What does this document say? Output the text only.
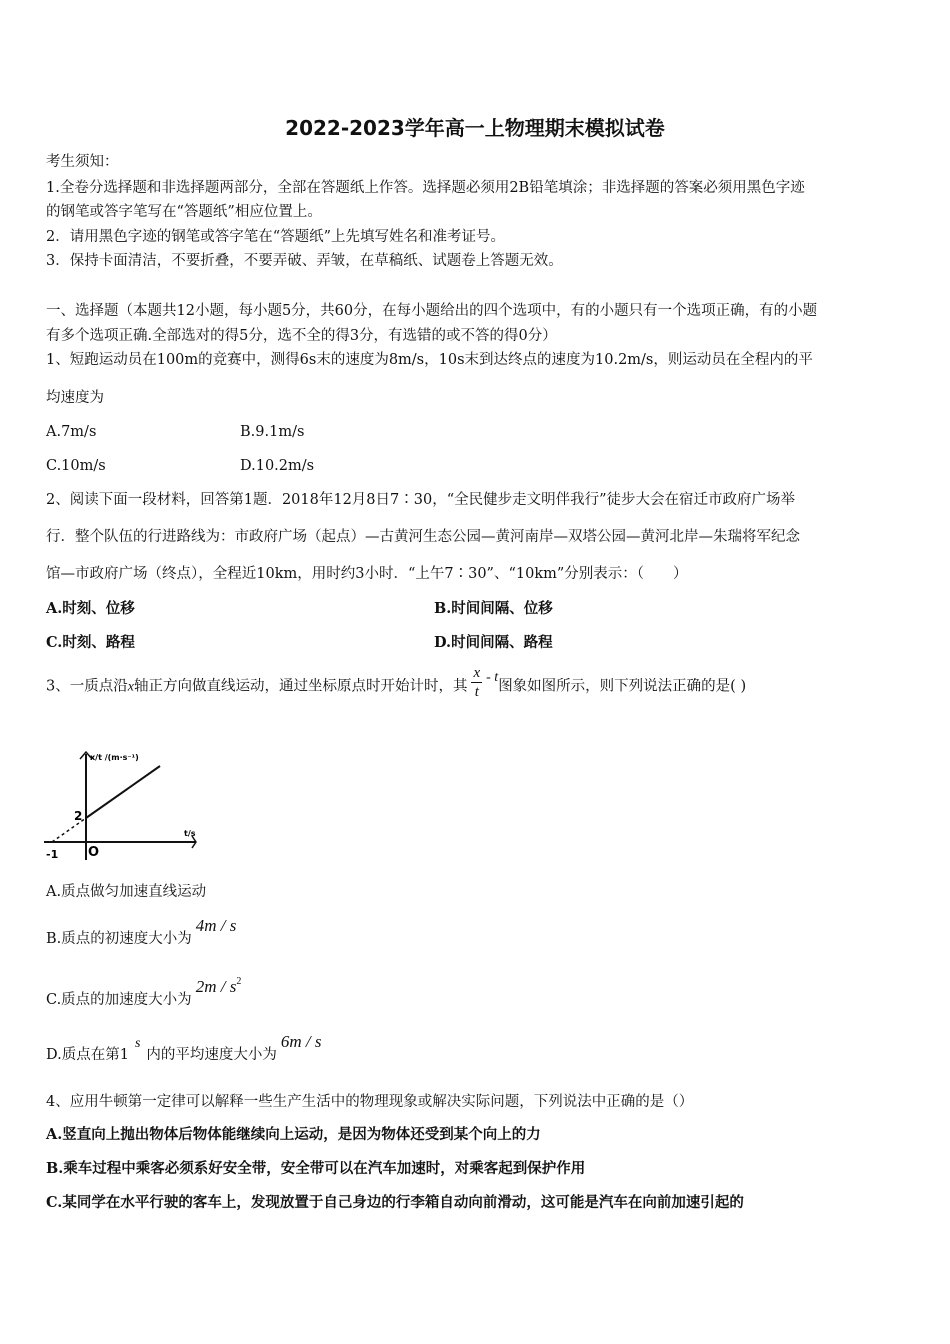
2022-2023学年高一上物理期末模拟试卷
考生须知：
1.全卷分选择题和非选择题两部分，全部在答题纸上作答。选择题必须用2B铅笔填涂；非选择题的答案必须用黑色字迹
的钢笔或答字笔写在“答题纸”相应位置上。
2．请用黑色字迹的钢笔或答字笔在“答题纸”上先填写姓名和准考证号。
3．保持卡面清洁，不要折叠，不要弄破、弄皱，在草稿纸、试题卷上答题无效。
一、选择题（本题共12小题，每小题5分，共60分，在每小题给出的四个选项中，有的小题只有一个选项正确，有的小题
有多个选项正确.全部选对的得5分，选不全的得3分，有选错的或不答的得0分）
1、短跑运动员在100m的竞赛中，测得6s末的速度为8m/s，10s末到达终点的速度为10.2m/s，则运动员在全程内的平
均速度为
A.7m/s	B.9.1m/s
C.10m/s	D.10.2m/s
2、阅读下面一段材料，回答第1题．2018年12月8日7∶30，“全民健步走文明伴我行”徒步大会在宿迁市政府广场举
行．整个队伍的行进路线为：市政府广场（起点）—古黄河生态公园—黄河南岸—双塔公园—黄河北岸—朱瑞将军纪念
馆—市政府广场（终点），全程近10km，用时约3小时．“上午7∶30”、“10km”分别表示：（　　）
A.时刻、位移	B.时间间隔、位移
C.时刻、路程	D.时间间隔、路程
3、一质点沿x轴正方向做直线运动，通过坐标原点时开始计时，其 $\frac{x}{t}$ - t图象如图所示，则下列说法正确的是( )
x/t /(m·s⁻¹)
t/s
2
O
-1
A.质点做匀加速直线运动
B.质点的初速度大小为4m / s
C.质点的加速度大小为$2m / s^2$
D.质点在第1s内的平均速度大小为6m / s
4、应用牛顿第一定律可以解释一些生产生活中的物理现象或解决实际问题，下列说法中正确的是（）
A.竖直向上抛出物体后物体能继续向上运动，是因为物体还受到某个向上的力
B.乘车过程中乘客必须系好安全带，安全带可以在汽车加速时，对乘客起到保护作用
C.某同学在水平行驶的客车上，发现放置于自己身边的行李箱自动向前滑动，这可能是汽车在向前加速引起的
